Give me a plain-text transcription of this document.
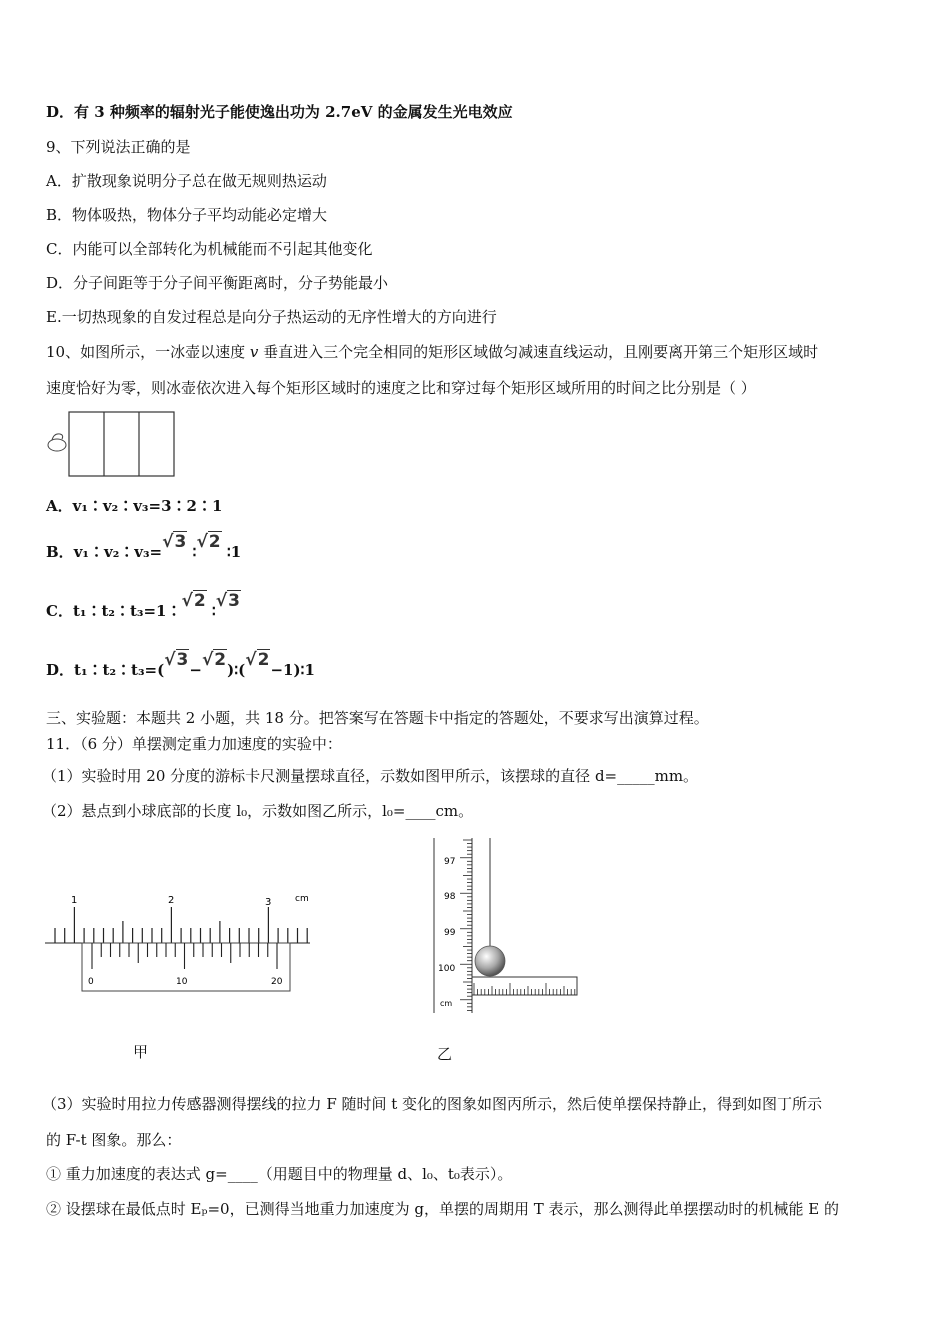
D．有 3 种频率的辐射光子能使逸出功为 2.7eV 的金属发生光电效应
9、下列说法正确的是
A．扩散现象说明分子总在做无规则热运动
B．物体吸热，物体分子平均动能必定增大
C．内能可以全部转化为机械能而不引起其他变化
D．分子间距等于分子间平衡距离时，分子势能最小
E.一切热现象的自发过程总是向分子热运动的无序性增大的方向进行
10、如图所示，一冰壶以速度 v 垂直进入三个完全相同的矩形区域做匀减速直线运动，且刚要离开第三个矩形区域时
速度恰好为零，则冰壶依次进入每个矩形区域时的速度之比和穿过每个矩形区域所用的时间之比分别是（ ）
A．v₁∶v₂∶v₃=3∶2∶1
B．v₁∶v₂∶v₃=√3 ∶√2 ∶1
C．t₁∶t₂∶t₃=1∶√2 ∶√3
D．t₁∶t₂∶t₃=(√3−√2)∶(√2−1)∶1
三、实验题：本题共 2 小题，共 18 分。把答案写在答题卡中指定的答题处，不要求写出演算过程。
11．（6 分）单摆测定重力加速度的实验中：
（1）实验时用 20 分度的游标卡尺测量摆球直径，示数如图甲所示，该摆球的直径 d=_____mm。
（2）悬点到小球底部的长度 l₀，示数如图乙所示，l₀=____cm。
cm
1	2	3
0	10	20
97
98
99
100
cm
甲	乙
（3）实验时用拉力传感器测得摆线的拉力 F 随时间 t 变化的图象如图丙所示，然后使单摆保持静止，得到如图丁所示
的 F-t 图象。那么：
① 重力加速度的表达式 g=____（用题目中的物理量 d、l₀、t₀表示）。
② 设摆球在最低点时 Eₚ=0，已测得当地重力加速度为 g，单摆的周期用 T 表示，那么测得此单摆摆动时的机械能 E 的
